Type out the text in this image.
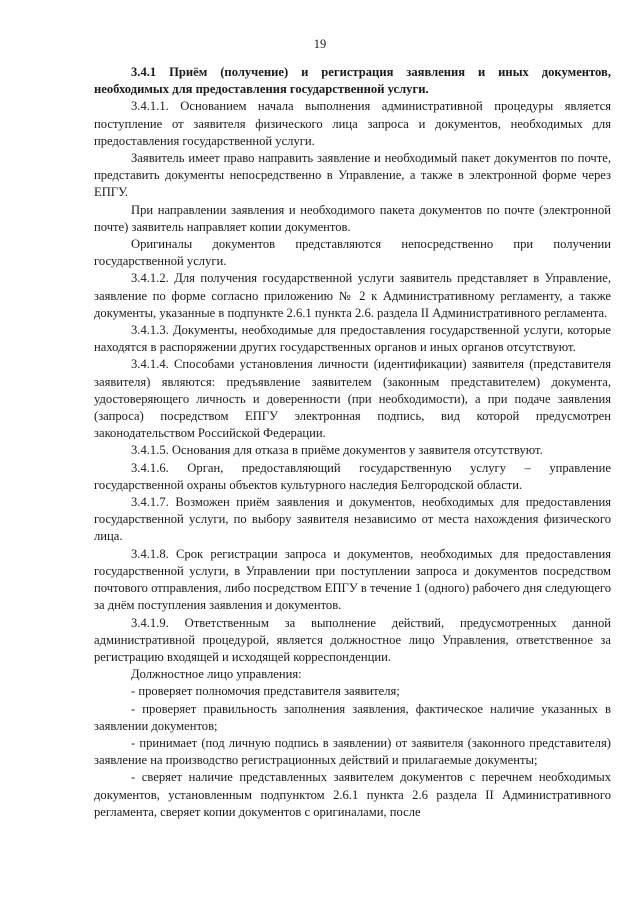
19

3.4.1 Приём (получение) и регистрация заявления и иных документов, необходимых для предоставления государственной услуги.

3.4.1.1. Основанием начала выполнения административной процедуры является поступление от заявителя физического лица запроса и документов, необходимых для предоставления государственной услуги.

Заявитель имеет право направить заявление и необходимый пакет документов по почте, представить документы непосредственно в Управление, а также в электронной форме через ЕПГУ.

При направлении заявления и необходимого пакета документов по почте (электронной почте) заявитель направляет копии документов.

Оригиналы документов представляются непосредственно при получении государственной услуги.

3.4.1.2. Для получения государственной услуги заявитель представляет в Управление, заявление по форме согласно приложению № 2 к Административному регламенту, а также документы, указанные в подпункте 2.6.1 пункта 2.6. раздела II Административного регламента.

3.4.1.3. Документы, необходимые для предоставления государственной услуги, которые находятся в распоряжении других государственных органов и иных органов отсутствуют.

3.4.1.4. Способами установления личности (идентификации) заявителя (представителя заявителя) являются: предъявление заявителем (законным представителем) документа, удостоверяющего личность и доверенности (при необходимости), а при подаче заявления (запроса) посредством ЕПГУ электронная подпись, вид которой предусмотрен законодательством Российской Федерации.

3.4.1.5. Основания для отказа в приёме документов у заявителя отсутствуют.

3.4.1.6. Орган, предоставляющий государственную услугу – управление государственной охраны объектов культурного наследия Белгородской области.

3.4.1.7. Возможен приём заявления и документов, необходимых для предоставления государственной услуги, по выбору заявителя независимо от места нахождения физического лица.

3.4.1.8. Срок регистрации запроса и документов, необходимых для предоставления государственной услуги, в Управлении при поступлении запроса и документов посредством почтового отправления, либо посредством ЕПГУ в течение 1 (одного) рабочего дня следующего за днём поступления заявления и документов.

3.4.1.9. Ответственным за выполнение действий, предусмотренных данной административной процедурой, является должностное лицо Управления, ответственное за регистрацию входящей и исходящей корреспонденции.

Должностное лицо управления:

- проверяет полномочия представителя заявителя;

- проверяет правильность заполнения заявления, фактическое наличие указанных в заявлении документов;

- принимает (под личную подпись в заявлении) от заявителя (законного представителя) заявление на производство регистрационных действий и прилагаемые документы;

- сверяет наличие представленных заявителем документов с перечнем необходимых документов, установленным подпунктом 2.6.1 пункта 2.6 раздела II Административного регламента, сверяет копии документов с оригиналами, после
